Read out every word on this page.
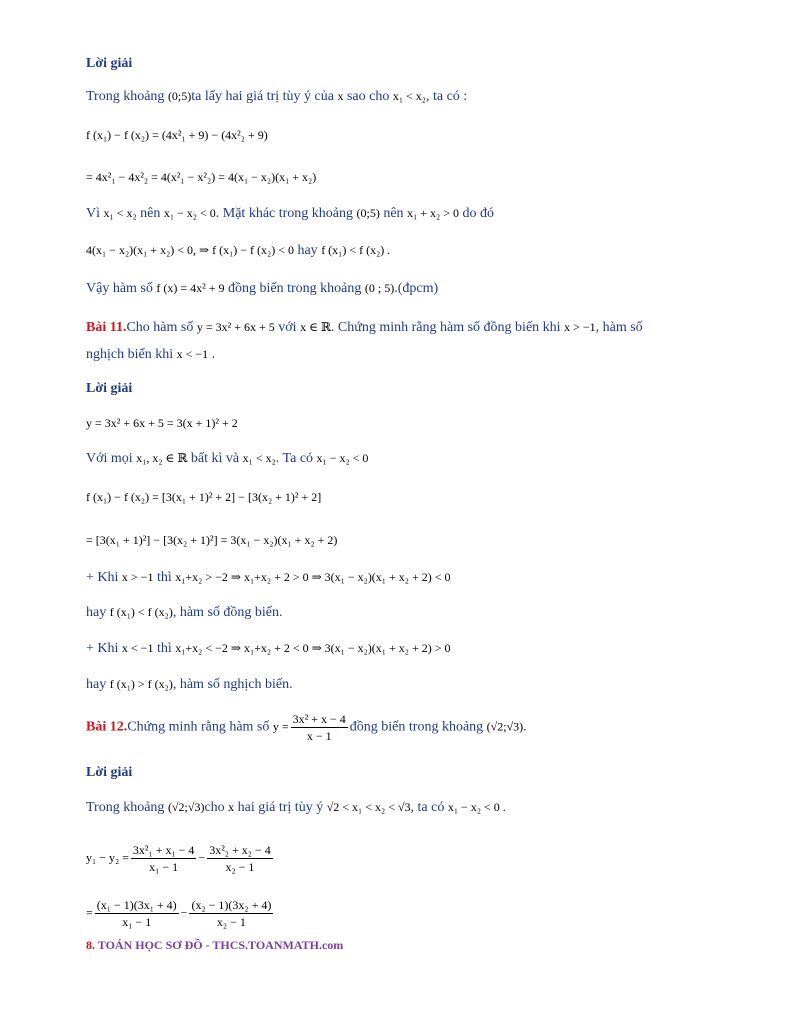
Lời giải
Trong khoảng (0;5)ta lấy hai giá trị tùy ý của x sao cho x₁ < x₂, ta có :
f (x₁) − f (x₂) = (4x²₁ + 9) − (4x²₂ + 9)
= 4x²₁ − 4x²₂ = 4(x²₁ − x²₂) = 4(x₁ − x₂)(x₁ + x₂)
Vì x₁ < x₂ nên x₁ − x₂ < 0. Mặt khác trong khoảng (0;5) nên x₁ + x₂ > 0 do đó
4(x₁ − x₂)(x₁ + x₂) < 0, ⇒ f (x₁) − f (x₂) < 0 hay f (x₁) < f (x₂) .
Vậy hàm số f (x) = 4x² + 9 đồng biến trong khoảng (0 ; 5).(đpcm)
Bài 11.Cho hàm số y = 3x² + 6x + 5 với x ∈ ℝ. Chứng minh rằng hàm số đồng biến khi x > −1, hàm số
nghịch biến khi x < −1 .
Lời giải
y = 3x² + 6x + 5 = 3(x + 1)² + 2
Với mọi x₁, x₂ ∈ ℝ bất kì và x₁ < x₂. Ta có x₁ − x₂ < 0
f (x₁) − f (x₂) = [3(x₁ + 1)² + 2] − [3(x₂ + 1)² + 2]
= [3(x₁ + 1)²] − [3(x₂ + 1)²] = 3(x₁ − x₂)(x₁ + x₂ + 2)
+ Khi x > −1 thì x₁+x₂ > −2 ⇒ x₁+x₂ + 2 > 0 ⇒ 3(x₁ − x₂)(x₁ + x₂ + 2) < 0
hay f (x₁) < f (x₂), hàm số đồng biến.
+ Khi x < −1 thì x₁+x₂ < −2 ⇒ x₁+x₂ + 2 < 0 ⇒ 3(x₁ − x₂)(x₁ + x₂ + 2) > 0
hay f (x₁) > f (x₂), hàm số nghịch biến.
Bài 12.Chứng minh rằng hàm số $y = \frac{\text{3x² + x − 4}}{x - 1}$ đồng biến trong khoảng (√2;√3).
Lời giải
Trong khoảng (√2;√3)cho x hai giá trị tùy ý √2 < x₁ < x₂ < √3, ta có x₁ − x₂ < 0 .
$y_1 - y_2 = \frac{\text{3x²₁ + x₁ − 4}}{\text{x₁ − 1}} - \frac{\text{3x²₂ + x₂ − 4}}{\text{x₂ − 1}}$
= $\frac{\text{(x₁ − 1)(3x₁ + 4)}}{\text{x₁ − 1}} - \frac{\text{(x₂ − 1)(3x₂ + 4)}}{\text{x₂ − 1}}$
8. TOÁN HỌC SƠ ĐỒ - THCS.TOANMATH.com
